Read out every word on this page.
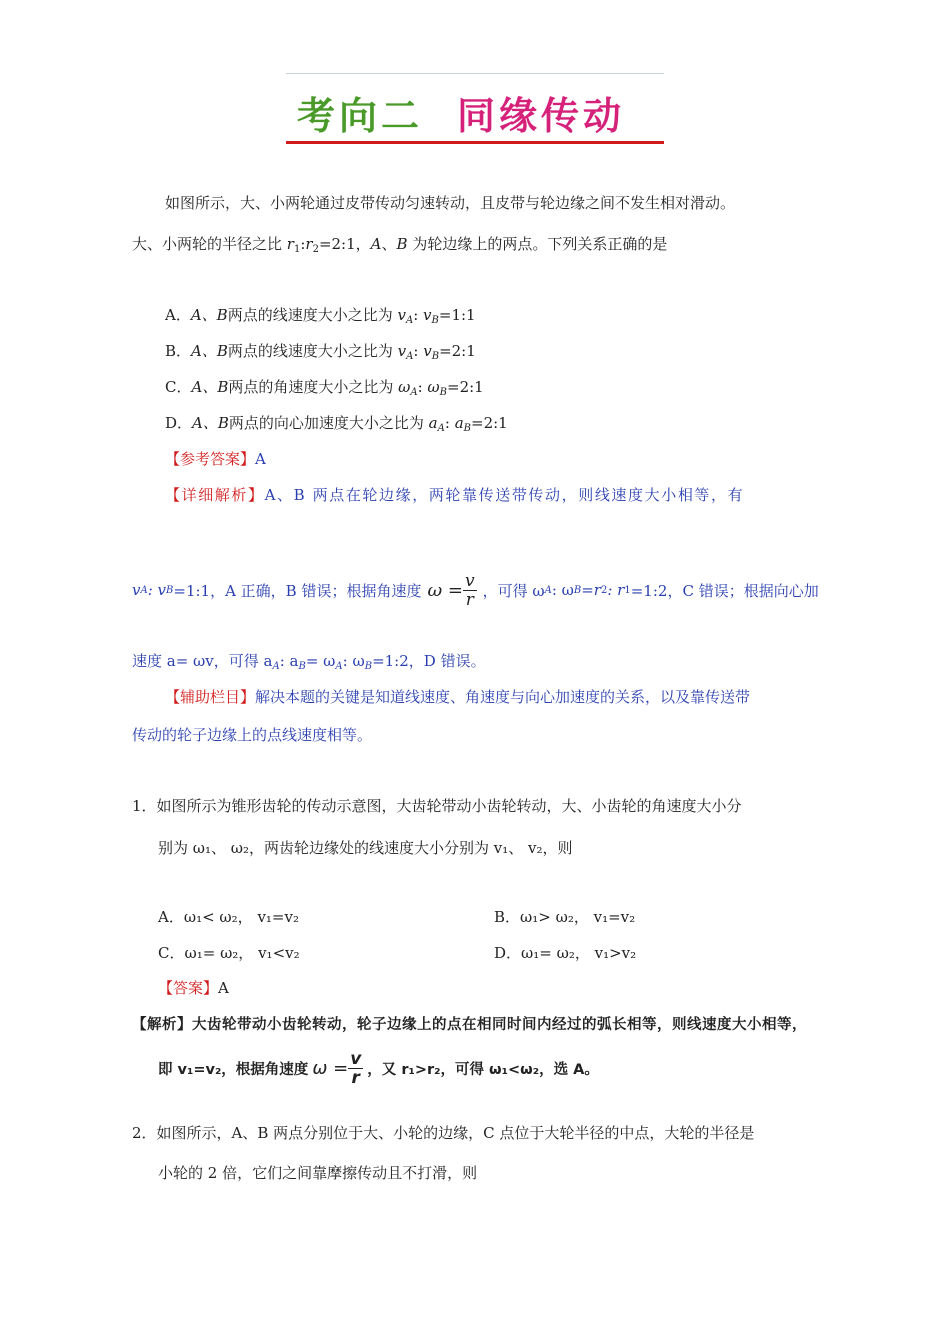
考向二 同缘传动
如图所示，大、小两轮通过皮带传动匀速转动，且皮带与轮边缘之间不发生相对滑动。
大、小两轮的半径之比 $r_1:r_2=2:1$，A、B 为轮边缘上的两点。下列关系正确的是
A．A、B两点的线速度大小之比为 $v_A$: $v_B=1:1$
B．A、B两点的线速度大小之比为 $v_A$: $v_B=2:1$
C．A、B两点的角速度大小之比为 $\omega_A$: $\omega_B=2:1$
D．A、B两点的向心加速度大小之比为 $a_A$: $a_B=2:1$
【参考答案】A
【详细解析】A、B 两点在轮边缘，两轮靠传送带传动，则线速度大小相等，有
v A : v B =1:1，A 正确，B 错误；根据角速度 $\omega = \frac{v}{r}$ ，可得 ω A : ω B =r 2 : r 1 =1:2，C 错误；根据向心加
速度 a= ωv，可得 $a_A$: $a_B= \omega_A$: $\omega_B=1:2$，D 错误。
【辅助栏目】解决本题的关键是知道线速度、角速度与向心加速度的关系，以及靠传送带
传动的轮子边缘上的点线速度相等。
1．如图所示为锥形齿轮的传动示意图，大齿轮带动小齿轮转动，大、小齿轮的角速度大小分
别为 ω₁、 ω₂，两齿轮边缘处的线速度大小分别为 v₁、 v₂，则
A．ω₁< ω₂， v₁=v₂	B．ω₁> ω₂， v₁=v₂
C．ω₁= ω₂， v₁<v₂	D．ω₁= ω₂， v₁>v₂
【答案】A
【解析】大齿轮带动小齿轮转动，轮子边缘上的点在相同时间内经过的弧长相等，则线速度大小相等，
即 v₁=v₂，根据角速度 $\omega = \frac{v}{r}$ ，又 r₁>r₂，可得 ω₁<ω₂，选 A。
2．如图所示，A、B 两点分别位于大、小轮的边缘，C 点位于大轮半径的中点，大轮的半径是
小轮的 2 倍，它们之间靠摩擦传动且不打滑，则
